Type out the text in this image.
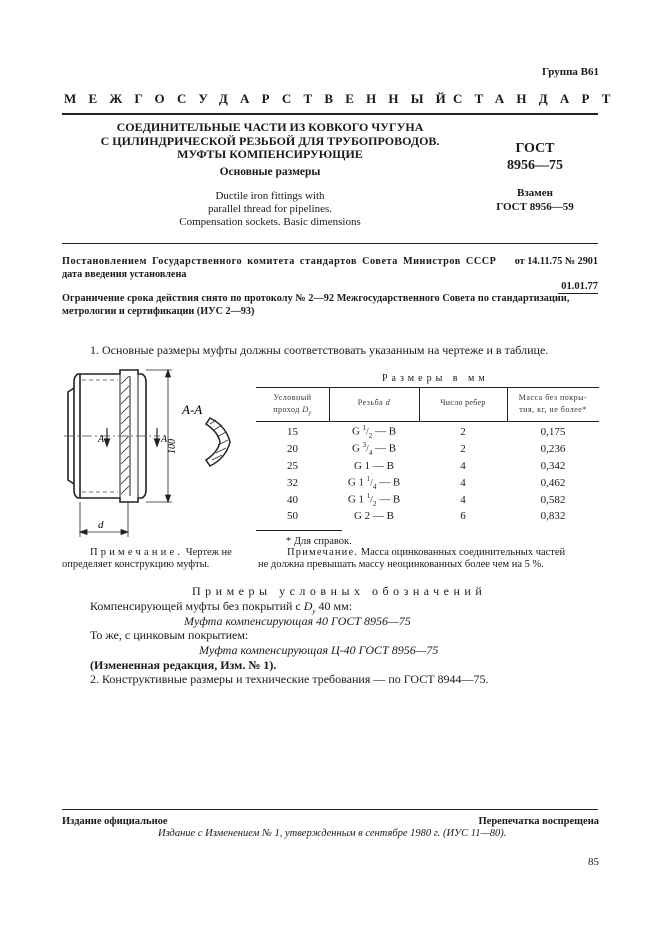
Группа В61
МЕЖГОСУДАРСТВЕННЫЙ
СТАНДАРТ
СОЕДИНИТЕЛЬНЫЕ ЧАСТИ ИЗ КОВКОГО ЧУГУНА
С ЦИЛИНДРИЧЕСКОЙ РЕЗЬБОЙ ДЛЯ ТРУБОПРОВОДОВ.
МУФТЫ КОМПЕНСИРУЮЩИЕ
Основные размеры
Ductile iron fittings with
parallel thread for pipelines.
Compensation sockets. Basic dimensions
ГОСТ
8956—75
Взамен
ГОСТ 8956—59
Постановлением Государственного комитета стандартов Совета Министров СССР от 14.11.75 № 2901
дата введения установлена
01.01.77
Ограничение срока действия снято по протоколу № 2—92 Межгосударственного Совета по стандартизации,
метрологии и сертификации (ИУС 2—93)
1. Основные размеры муфты должны соответствовать указанным на чертеже и в таблице.
А	А 100
d
А-А
Размеры в мм
Условный
проход $D_y$
Резьба d	Число ребер
Масса без покры-
тия, кг, не более*
15	G $^1/_2$ — B	2	0,175
20	G $^3/_4$ — B	2	0,236
25	G 1 — B	4	0,342
32	G 1 $^1/_4$ — B	4	0,462
40	G 1 $^1/_2$ — B	4	0,582
50	G 2 — B	6	0,832
* Для справок.
Примечание. Чертеж не
определяет конструкцию муфты.
Примечание. Масса оцинкованных соединительных частей
не должна превышать массу неоцинкованных более чем на 5 %.
Примеры условных обозначений
Компенсирующей муфты без покрытий с $D_y$ 40 мм:
Муфта компенсирующая 40 ГОСТ 8956—75
То же, с цинковым покрытием:
Муфта компенсирующая Ц-40 ГОСТ 8956—75
(Измененная редакция, Изм. № 1).
2. Конструктивные размеры и технические требования — по ГОСТ 8944—75.
Издание официальное	Перепечатка воспрещена
Издание с Изменением № 1, утвержденным в сентябре 1980 г. (ИУС 11—80).
85
